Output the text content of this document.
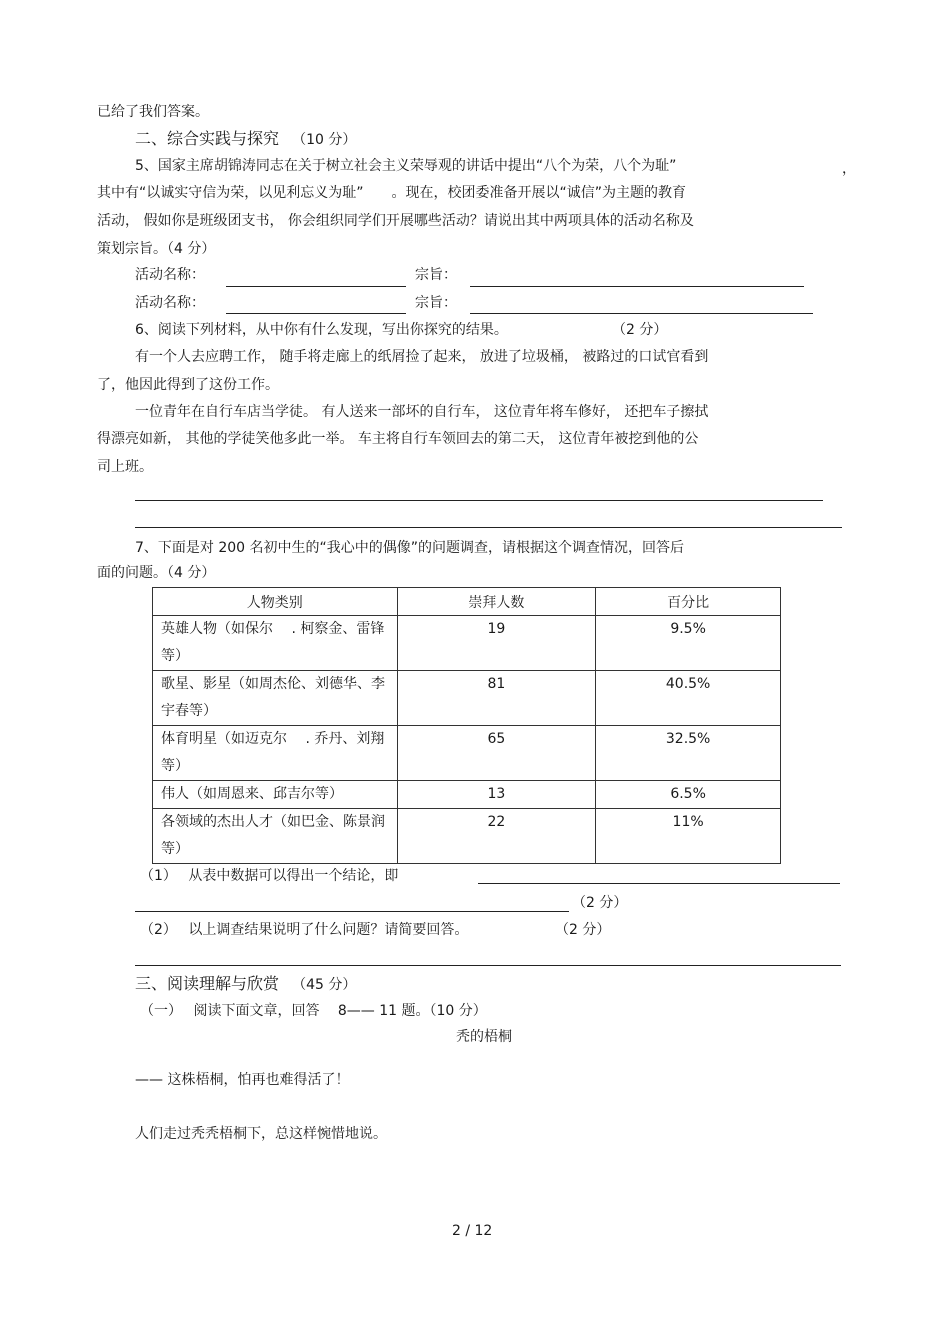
已给了我们答案。
二、综合实践与探究 （10 分）
5、国家主席胡锦涛同志在关于树立社会主义荣辱观的讲话中提出“八个为荣，八个为耻”	，
其中有“以诚实守信为荣，以见利忘义为耻”　　。现在，校团委准备开展以“诚信”为主题的教育
活动， 假如你是班级团支书， 你会组织同学们开展哪些活动？请说出其中两项具体的活动名称及
策划宗旨。（4 分）
活动名称：	宗旨：
活动名称：	宗旨：
6、阅读下列材料，从中你有什么发现，写出你探究的结果。	（2 分）
有一个人去应聘工作， 随手将走廊上的纸屑捡了起来， 放进了垃圾桶， 被路过的口试官看到
了，他因此得到了这份工作。
一位青年在自行车店当学徒。 有人送来一部坏的自行车， 这位青年将车修好， 还把车子擦拭
得漂亮如新， 其他的学徒笑他多此一举。 车主将自行车领回去的第二天， 这位青年被挖到他的公
司上班。
7、下面是对 200 名初中生的“我心中的偶像”的问题调查，请根据这个调查情况，回答后
面的问题。（4 分）
人物类别	崇拜人数	百分比
英雄人物（如保尔 　. 柯察金、雷锋等）	19	9.5%
歌星、影星（如周杰伦、刘德华、李宇春等）	81	40.5%
体育明星（如迈克尔 　. 乔丹、刘翔等）	65	32.5%
伟人（如周恩来、邱吉尔等）	13	6.5%
各领域的杰出人才（如巴金、陈景润等）	22	11%
（1）　 从表中数据可以得出一个结论，即
（2 分）
（2）　 以上调查结果说明了什么问题？请简要回答。	（2 分）
三、阅读理解与欣赏 （45 分）
（一）　 阅读下面文章，回答　 8—— 11 题。（10 分）
秃的梧桐
—— 这株梧桐，怕再也难得活了！
人们走过秃秃梧桐下，总这样惋惜地说。
2 / 12
